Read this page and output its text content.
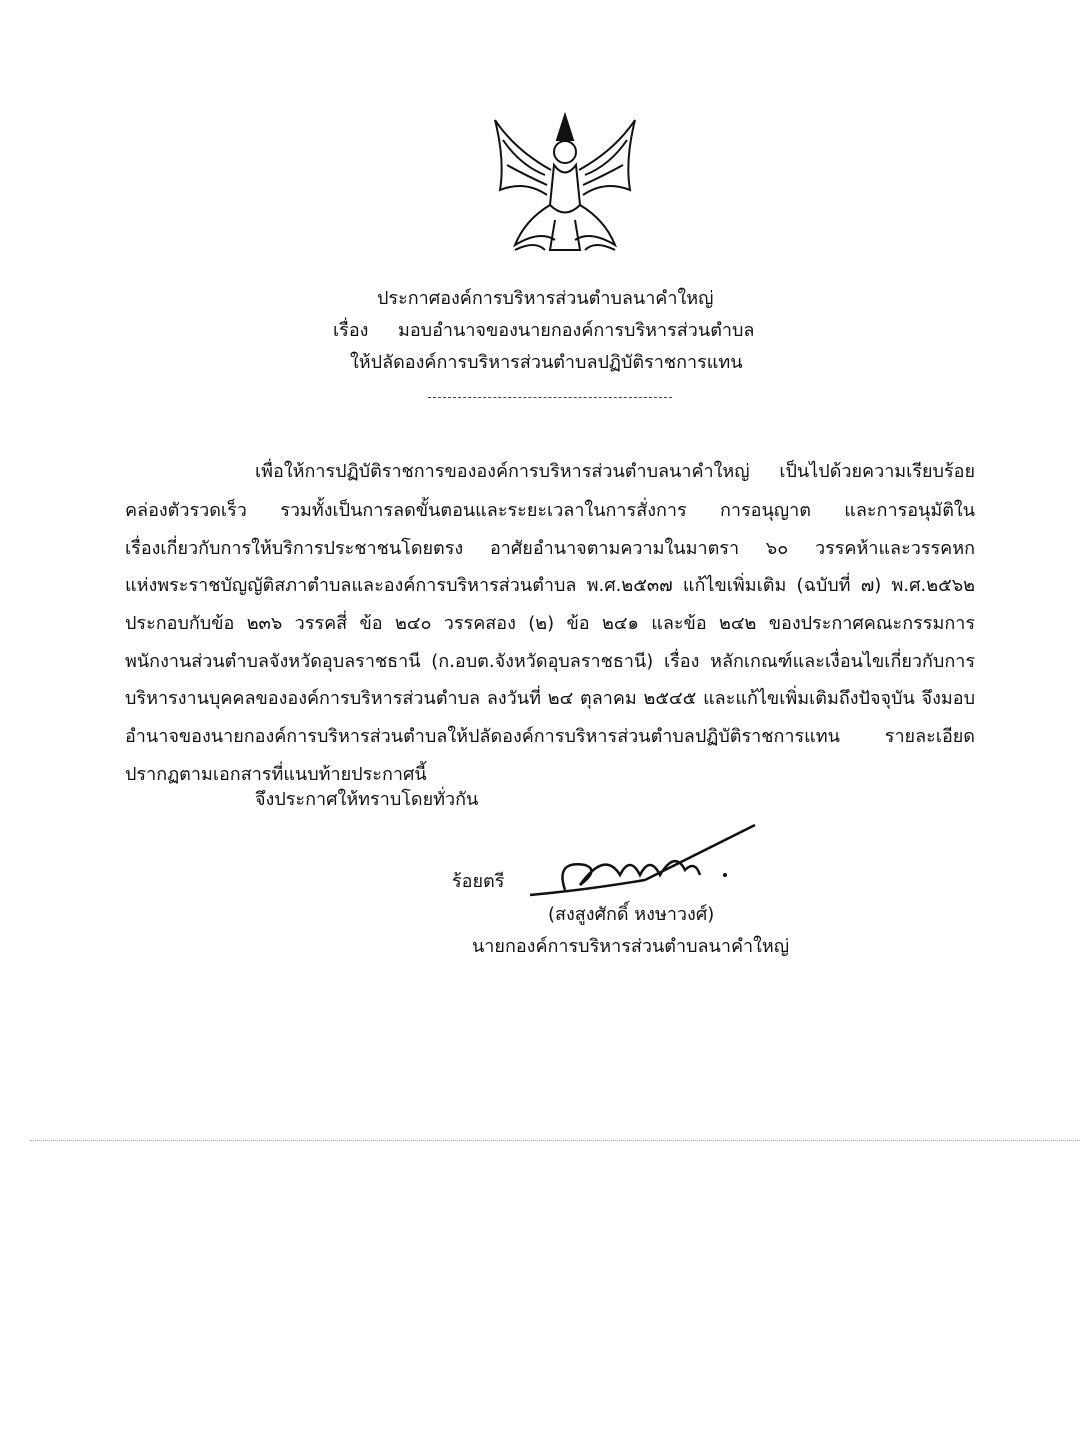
ประกาศองค์การบริหารส่วนตำบลนาคำใหญ่
เรื่อง มอบอำนาจของนายกองค์การบริหารส่วนตำบล
ให้ปลัดองค์การบริหารส่วนตำบลปฏิบัติราชการแทน
เพื่อให้การปฏิบัติราชการขององค์การบริหารส่วนตำบลนาคำใหญ่ เป็นไปด้วยความเรียบร้อย
คล่องตัวรวดเร็ว รวมทั้งเป็นการลดขั้นตอนและระยะเวลาในการสั่งการ การอนุญาต และการอนุมัติใน
เรื่องเกี่ยวกับการให้บริการประชาชนโดยตรง อาศัยอำนาจตามความในมาตรา ๖๐ วรรคห้าและวรรคหก
แห่งพระราชบัญญัติสภาตำบลและองค์การบริหารส่วนตำบล พ.ศ.๒๕๓๗ แก้ไขเพิ่มเติม (ฉบับที่ ๗) พ.ศ.๒๕๖๒
ประกอบกับข้อ ๒๓๖ วรรคสี่ ข้อ ๒๔๐ วรรคสอง (๒) ข้อ ๒๔๑ และข้อ ๒๔๒ ของประกาศคณะกรรมการ
พนักงานส่วนตำบลจังหวัดอุบลราชธานี (ก.อบต.จังหวัดอุบลราชธานี) เรื่อง หลักเกณฑ์และเงื่อนไขเกี่ยวกับการ
บริหารงานบุคคลขององค์การบริหารส่วนตำบล ลงวันที่ ๒๔ ตุลาคม ๒๕๔๕ และแก้ไขเพิ่มเติมถึงปัจจุบัน จึงมอบ
อำนาจของนายกองค์การบริหารส่วนตำบลให้ปลัดองค์การบริหารส่วนตำบลปฏิบัติราชการแทน รายละเอียด
ปรากฏตามเอกสารที่แนบท้ายประกาศนี้
จึงประกาศให้ทราบโดยทั่วกัน
ร้อยตรี
(สงสูงศักดิ์ หงษาวงศ์)
นายกองค์การบริหารส่วนตำบลนาคำใหญ่
